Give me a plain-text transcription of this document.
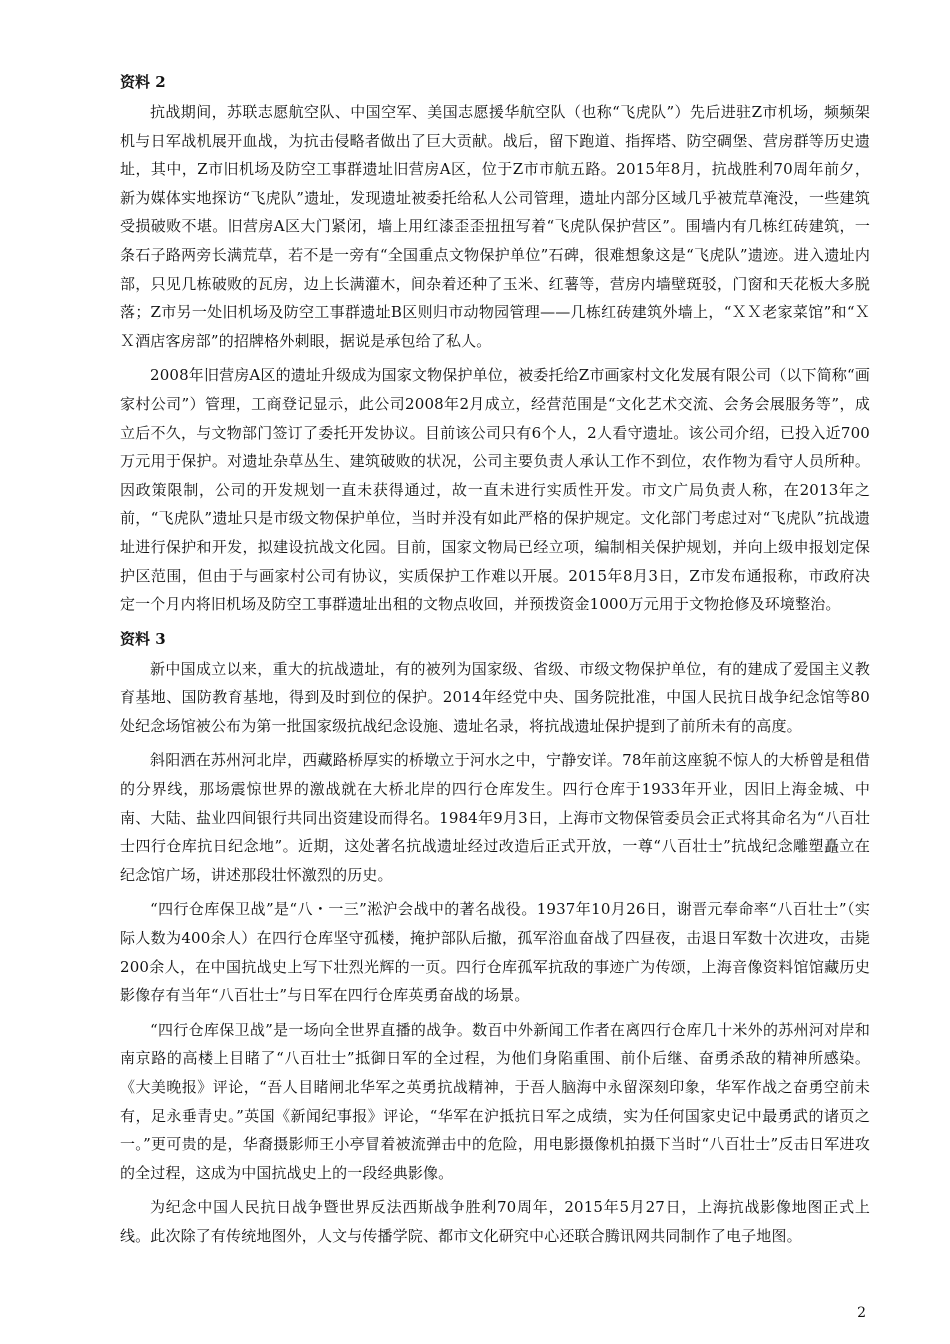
资料 2

抗战期间，苏联志愿航空队、中国空军、美国志愿援华航空队（也称“飞虎队”）先后进驻Z市机场，频频架机与日军战机展开血战，为抗击侵略者做出了巨大贡献。战后，留下跑道、指挥塔、防空碉堡、营房群等历史遗址，其中，Z市旧机场及防空工事群遗址旧营房A区，位于Z市市航五路。2015年8月，抗战胜利70周年前夕，新为媒体实地探访“飞虎队”遗址，发现遗址被委托给私人公司管理，遗址内部分区域几乎被荒草淹没，一些建筑受损破败不堪。旧营房A区大门紧闭，墙上用红漆歪歪扭扭写着“飞虎队保护营区”。围墙内有几栋红砖建筑，一条石子路两旁长满荒草，若不是一旁有“全国重点文物保护单位”石碑，很难想象这是“飞虎队”遗迹。进入遗址内部，只见几栋破败的瓦房，边上长满灌木，间杂着还种了玉米、红薯等，营房内墙壁斑驳，门窗和天花板大多脱落；Z市另一处旧机场及防空工事群遗址B区则归市动物园管理——几栋红砖建筑外墙上，“ＸＸ老家菜馆”和“ＸＸ酒店客房部”的招牌格外刺眼，据说是承包给了私人。

2008年旧营房A区的遗址升级成为国家文物保护单位，被委托给Z市画家村文化发展有限公司（以下简称“画家村公司”）管理，工商登记显示，此公司2008年2月成立，经营范围是“文化艺术交流、会务会展服务等”，成立后不久，与文物部门签订了委托开发协议。目前该公司只有6个人，2人看守遗址。该公司介绍，已投入近700万元用于保护。对遗址杂草丛生、建筑破败的状况，公司主要负责人承认工作不到位，农作物为看守人员所种。因政策限制，公司的开发规划一直未获得通过，故一直未进行实质性开发。市文广局负责人称，在2013年之前，“飞虎队”遗址只是市级文物保护单位，当时并没有如此严格的保护规定。文化部门考虑过对“飞虎队”抗战遗址进行保护和开发，拟建设抗战文化园。目前，国家文物局已经立项，编制相关保护规划，并向上级申报划定保护区范围，但由于与画家村公司有协议，实质保护工作难以开展。2015年8月3日，Z市发布通报称，市政府决定一个月内将旧机场及防空工事群遗址出租的文物点收回，并预拨资金1000万元用于文物抢修及环境整治。

资料 3

新中国成立以来，重大的抗战遗址，有的被列为国家级、省级、市级文物保护单位，有的建成了爱国主义教育基地、国防教育基地，得到及时到位的保护。2014年经党中央、国务院批准，中国人民抗日战争纪念馆等80处纪念场馆被公布为第一批国家级抗战纪念设施、遗址名录，将抗战遗址保护提到了前所未有的高度。

斜阳洒在苏州河北岸，西藏路桥厚实的桥墩立于河水之中，宁静安详。78年前这座貌不惊人的大桥曾是租借的分界线，那场震惊世界的激战就在大桥北岸的四行仓库发生。四行仓库于1933年开业，因旧上海金城、中南、大陆、盐业四间银行共同出资建设而得名。1984年9月3日，上海市文物保管委员会正式将其命名为“八百壮士四行仓库抗日纪念地”。近期，这处著名抗战遗址经过改造后正式开放，一尊“八百壮士”抗战纪念雕塑矗立在纪念馆广场，讲述那段壮怀激烈的历史。

“四行仓库保卫战”是“八・一三”淞沪会战中的著名战役。1937年10月26日，谢晋元奉命率“八百壮士”（实际人数为400余人）在四行仓库坚守孤楼，掩护部队后撤，孤军浴血奋战了四昼夜，击退日军数十次进攻，击毙200余人，在中国抗战史上写下壮烈光辉的一页。四行仓库孤军抗敌的事迹广为传颂，上海音像资料馆馆藏历史影像存有当年“八百壮士”与日军在四行仓库英勇奋战的场景。

“四行仓库保卫战”是一场向全世界直播的战争。数百中外新闻工作者在离四行仓库几十米外的苏州河对岸和南京路的高楼上目睹了“八百壮士”抵御日军的全过程，为他们身陷重围、前仆后继、奋勇杀敌的精神所感染。《大美晚报》评论，“吾人目睹闸北华军之英勇抗战精神，于吾人脑海中永留深刻印象，华军作战之奋勇空前未有，足永垂青史。”英国《新闻纪事报》评论，“华军在沪抵抗日军之成绩，实为任何国家史记中最勇武的诸页之一。”更可贵的是，华裔摄影师王小亭冒着被流弹击中的危险，用电影摄像机拍摄下当时“八百壮士”反击日军进攻的全过程，这成为中国抗战史上的一段经典影像。

为纪念中国人民抗日战争暨世界反法西斯战争胜利70周年，2015年5月27日，上海抗战影像地图正式上线。此次除了有传统地图外，人文与传播学院、都市文化研究中心还联合腾讯网共同制作了电子地图。

2
